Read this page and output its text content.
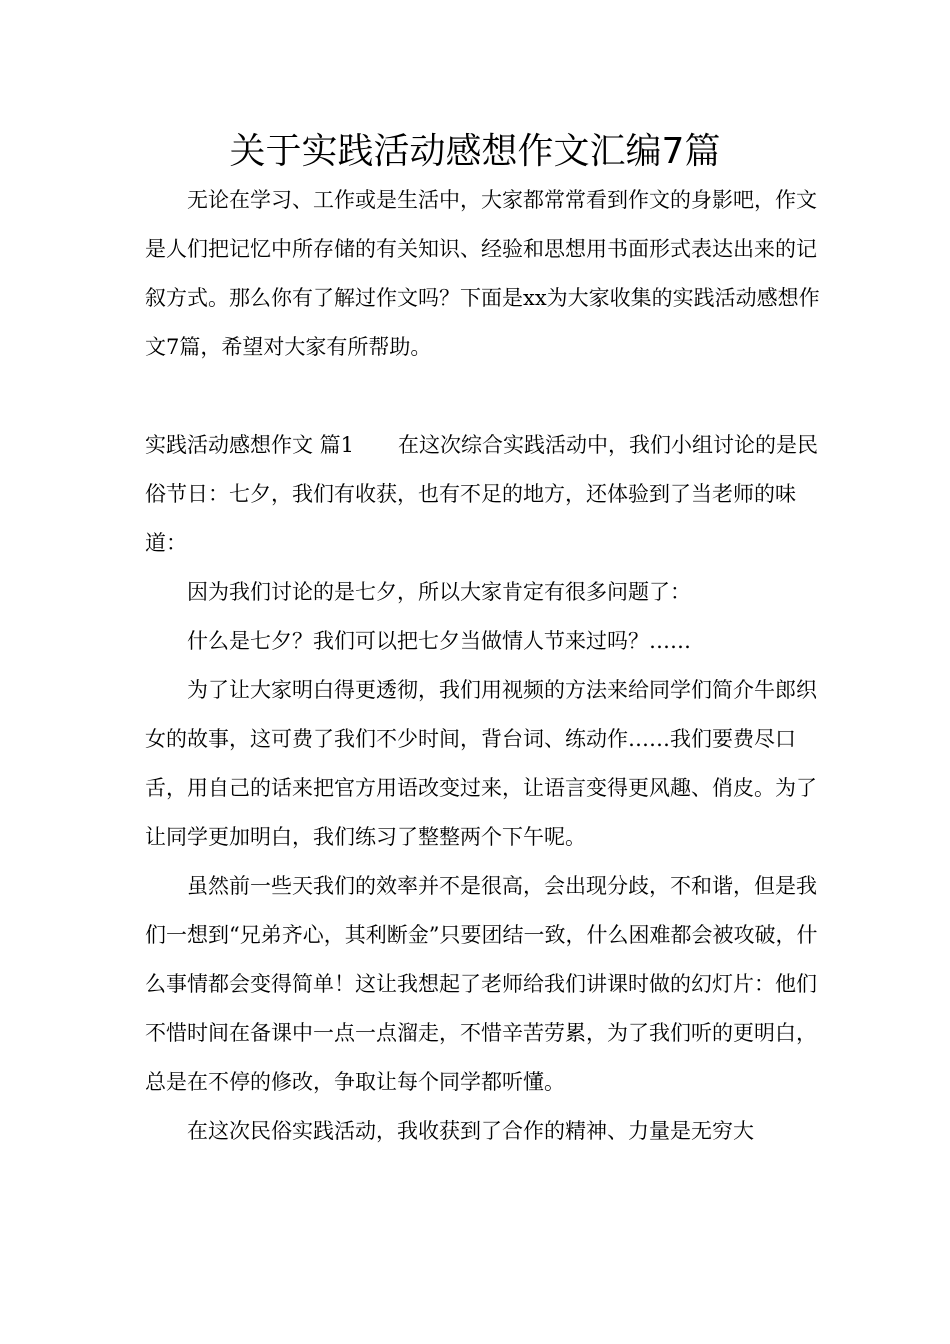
关于实践活动感想作文汇编7篇

无论在学习、工作或是生活中，大家都常常看到作文的身影吧，作文是人们把记忆中所存储的有关知识、经验和思想用书面形式表达出来的记叙方式。那么你有了解过作文吗？下面是xx为大家收集的实践活动感想作文7篇，希望对大家有所帮助。

实践活动感想作文 篇1 在这次综合实践活动中，我们小组讨论的是民俗节日：七夕，我们有收获，也有不足的地方，还体验到了当老师的味道：

因为我们讨论的是七夕，所以大家肯定有很多问题了：

什么是七夕？我们可以把七夕当做情人节来过吗？……

为了让大家明白得更透彻，我们用视频的方法来给同学们简介牛郎织女的故事，这可费了我们不少时间，背台词、练动作……我们要费尽口舌，用自己的话来把官方用语改变过来，让语言变得更风趣、俏皮。为了让同学更加明白，我们练习了整整两个下午呢。

虽然前一些天我们的效率并不是很高，会出现分歧，不和谐，但是我们一想到“兄弟齐心，其利断金”只要团结一致，什么困难都会被攻破，什么事情都会变得简单！这让我想起了老师给我们讲课时做的幻灯片：他们不惜时间在备课中一点一点溜走，不惜辛苦劳累，为了我们听的更明白，总是在不停的修改，争取让每个同学都听懂。

在这次民俗实践活动，我收获到了合作的精神、力量是无穷大
